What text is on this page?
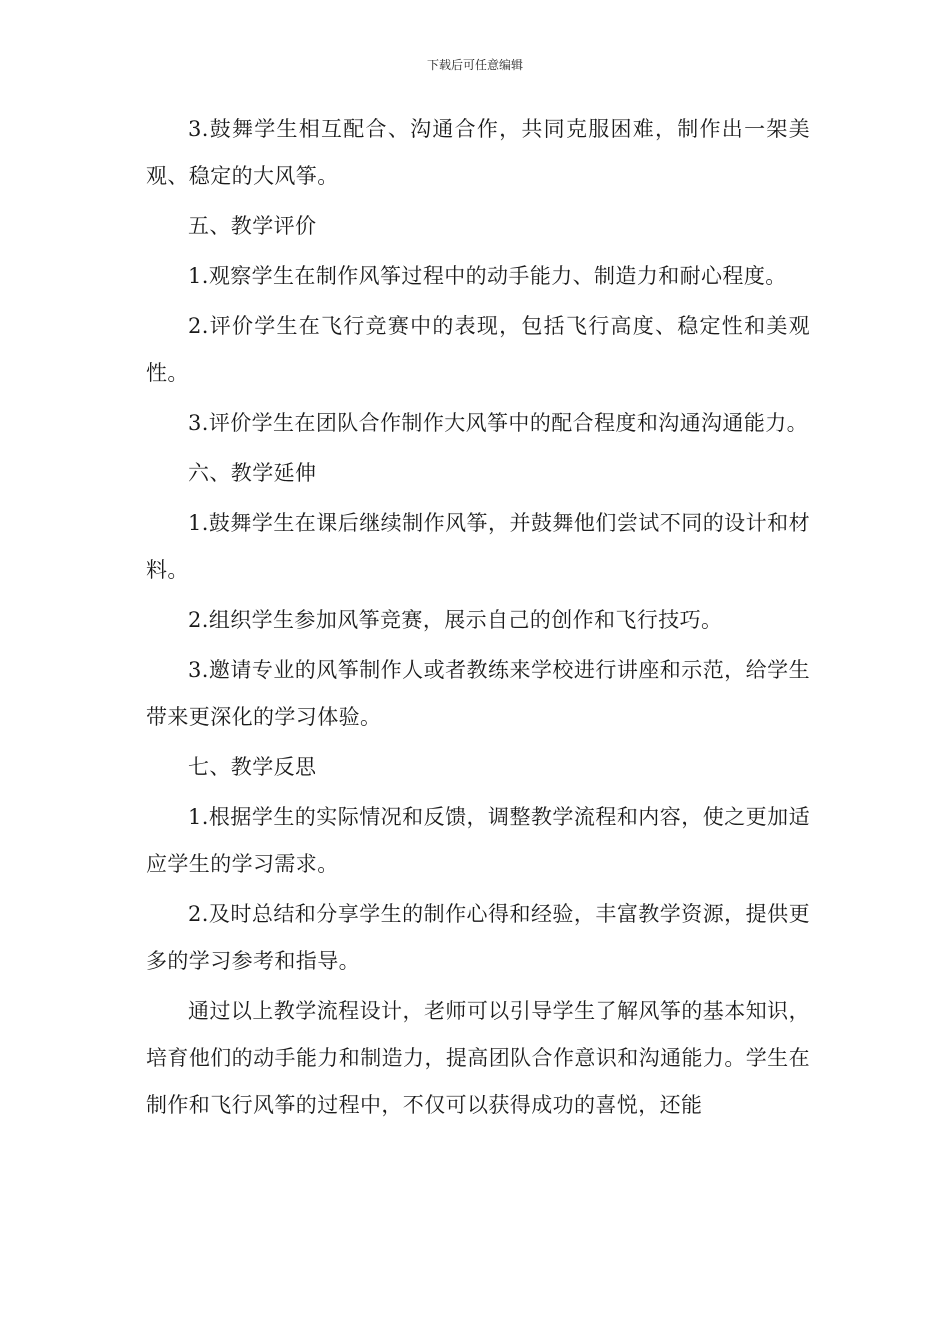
下载后可任意编辑

3.鼓舞学生相互配合、沟通合作，共同克服困难，制作出一架美观、稳定的大风筝。

五、教学评价

1.观察学生在制作风筝过程中的动手能力、制造力和耐心程度。

2.评价学生在飞行竞赛中的表现，包括飞行高度、稳定性和美观性。

3.评价学生在团队合作制作大风筝中的配合程度和沟通沟通能力。

六、教学延伸

1.鼓舞学生在课后继续制作风筝，并鼓舞他们尝试不同的设计和材料。

2.组织学生参加风筝竞赛，展示自己的创作和飞行技巧。

3.邀请专业的风筝制作人或者教练来学校进行讲座和示范，给学生带来更深化的学习体验。

七、教学反思

1.根据学生的实际情况和反馈，调整教学流程和内容，使之更加适应学生的学习需求。

2.及时总结和分享学生的制作心得和经验，丰富教学资源，提供更多的学习参考和指导。

通过以上教学流程设计，老师可以引导学生了解风筝的基本知识，培育他们的动手能力和制造力，提高团队合作意识和沟通能力。学生在制作和飞行风筝的过程中，不仅可以获得成功的喜悦，还能
